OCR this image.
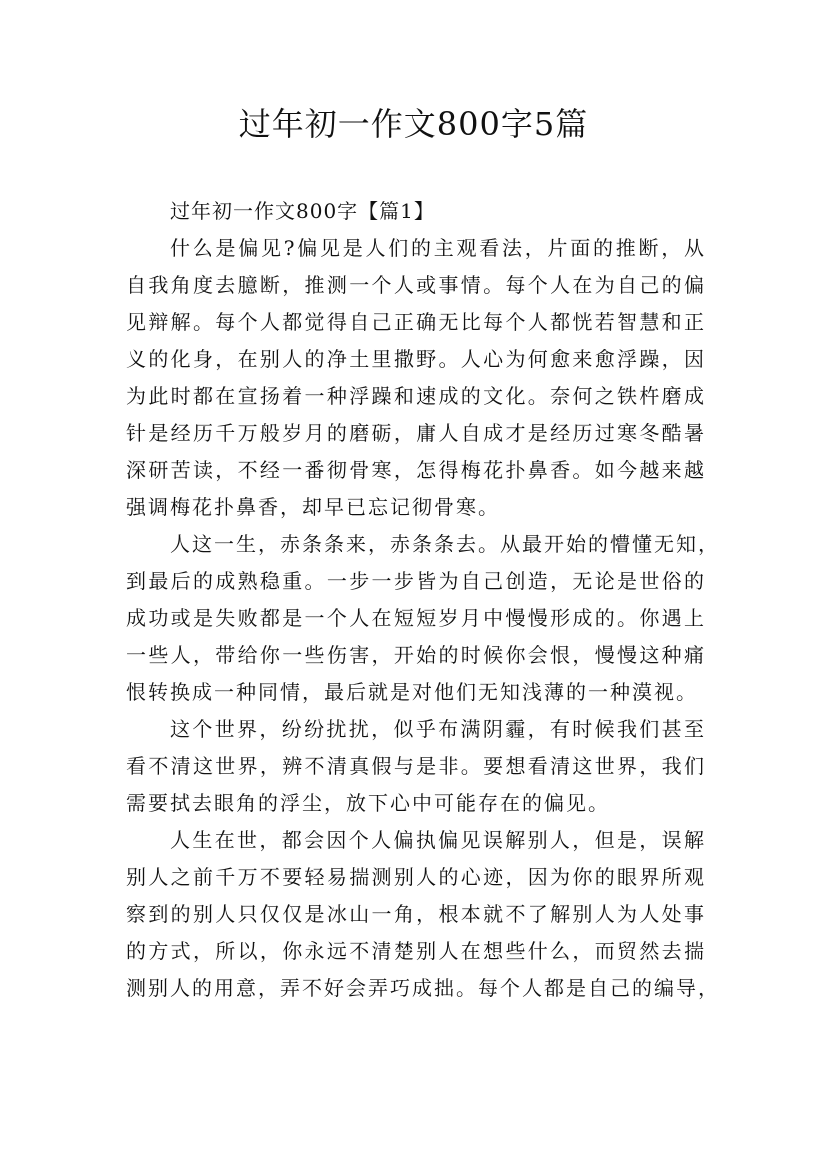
过年初一作文800字5篇

过年初一作文800字【篇1】

什么是偏见?偏见是人们的主观看法，片面的推断，从
自我角度去臆断，推测一个人或事情。每个人在为自己的偏
见辩解。每个人都觉得自己正确无比每个人都恍若智慧和正
义的化身，在别人的净土里撒野。人心为何愈来愈浮躁，因
为此时都在宣扬着一种浮躁和速成的文化。奈何之铁杵磨成
针是经历千万般岁月的磨砺，庸人自成才是经历过寒冬酷暑
深研苦读，不经一番彻骨寒，怎得梅花扑鼻香。如今越来越
强调梅花扑鼻香，却早已忘记彻骨寒。

人这一生，赤条条来，赤条条去。从最开始的懵懂无知，
到最后的成熟稳重。一步一步皆为自己创造，无论是世俗的
成功或是失败都是一个人在短短岁月中慢慢形成的。你遇上
一些人，带给你一些伤害，开始的时候你会恨，慢慢这种痛
恨转换成一种同情，最后就是对他们无知浅薄的一种漠视。

这个世界，纷纷扰扰，似乎布满阴霾，有时候我们甚至
看不清这世界，辨不清真假与是非。要想看清这世界，我们
需要拭去眼角的浮尘，放下心中可能存在的偏见。

人生在世，都会因个人偏执偏见误解别人，但是，误解
别人之前千万不要轻易揣测别人的心迹，因为你的眼界所观
察到的别人只仅仅是冰山一角，根本就不了解别人为人处事
的方式，所以，你永远不清楚别人在想些什么，而贸然去揣
测别人的用意，弄不好会弄巧成拙。每个人都是自己的编导，
